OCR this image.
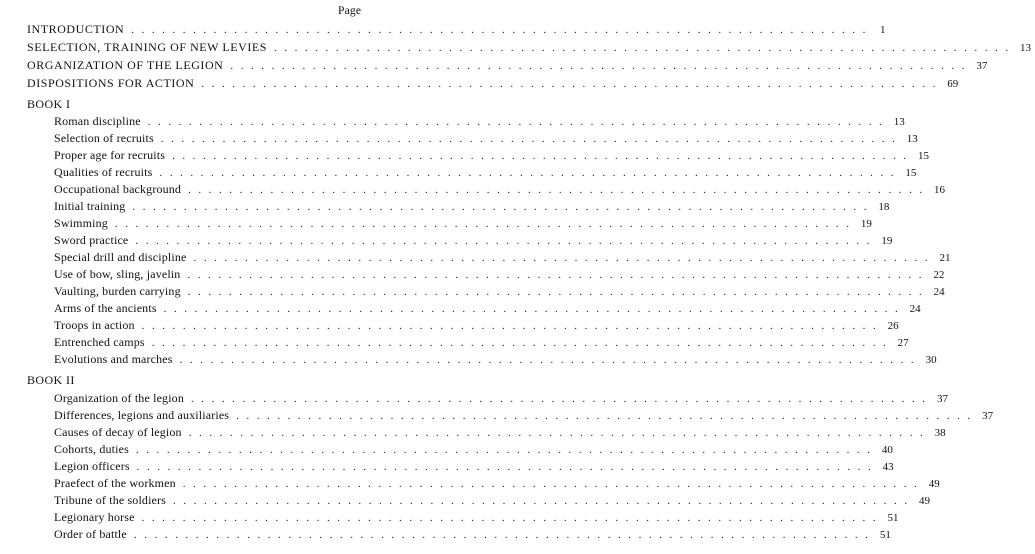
Page
INTRODUCTION . . . . . . . . . . . . . . . . . . . . . . . . . . . . . . . . . . . . . . . . . . . . . . . . . . . . . . . . . . . . . . . . . . . . . . . .	1
SELECTION, TRAINING OF NEW LEVIES . . . . . . . . . . . . . . . . . . . . . . . . . . . . . . . . . . . . . . . . . . . . . . . . . . . . . . . . . . . . . . . . . . . . . . . . 13
ORGANIZATION OF THE LEGION . . . . . . . . . . . . . . . . . . . . . . . . . . . . . . . . . . . . . . . . . . . . . . . . . . . . . . . . . . . . . . . . . . . . . . . . 37
DISPOSITIONS FOR ACTION . . . . . . . . . . . . . . . . . . . . . . . . . . . . . . . . . . . . . . . . . . . . . . . . . . . . . . . . . . . . . . . . . . . . . . . . 69
BOOK I
Roman discipline . . . . . . . . . . . . . . . . . . . . . . . . . . . . . . . . . . . . . . . . . . . . . . . . . . . . . . . . . . . . . . . . . . . . . . . . 13
Selection of recruits . . . . . . . . . . . . . . . . . . . . . . . . . . . . . . . . . . . . . . . . . . . . . . . . . . . . . . . . . . . . . . . . . . . . . . . . 13
Proper age for recruits . . . . . . . . . . . . . . . . . . . . . . . . . . . . . . . . . . . . . . . . . . . . . . . . . . . . . . . . . . . . . . . . . . . . . . . . 15
Qualities of recruits . . . . . . . . . . . . . . . . . . . . . . . . . . . . . . . . . . . . . . . . . . . . . . . . . . . . . . . . . . . . . . . . . . . . . . . . 15
Occupational background . . . . . . . . . . . . . . . . . . . . . . . . . . . . . . . . . . . . . . . . . . . . . . . . . . . . . . . . . . . . . . . . . . . . . . . . 16
Initial training . . . . . . . . . . . . . . . . . . . . . . . . . . . . . . . . . . . . . . . . . . . . . . . . . . . . . . . . . . . . . . . . . . . . . . . . 18
Swimming . . . . . . . . . . . . . . . . . . . . . . . . . . . . . . . . . . . . . . . . . . . . . . . . . . . . . . . . . . . . . . . . . . . . . . . . 19
Sword practice . . . . . . . . . . . . . . . . . . . . . . . . . . . . . . . . . . . . . . . . . . . . . . . . . . . . . . . . . . . . . . . . . . . . . . . . 19
Special drill and discipline . . . . . . . . . . . . . . . . . . . . . . . . . . . . . . . . . . . . . . . . . . . . . . . . . . . . . . . . . . . . . . . . . . . . . . . . 21
Use of bow, sling, javelin . . . . . . . . . . . . . . . . . . . . . . . . . . . . . . . . . . . . . . . . . . . . . . . . . . . . . . . . . . . . . . . . . . . . . . . . 22
Vaulting, burden carrying . . . . . . . . . . . . . . . . . . . . . . . . . . . . . . . . . . . . . . . . . . . . . . . . . . . . . . . . . . . . . . . . . . . . . . . . 24
Arms of the ancients . . . . . . . . . . . . . . . . . . . . . . . . . . . . . . . . . . . . . . . . . . . . . . . . . . . . . . . . . . . . . . . . . . . . . . . . 24
Troops in action . . . . . . . . . . . . . . . . . . . . . . . . . . . . . . . . . . . . . . . . . . . . . . . . . . . . . . . . . . . . . . . . . . . . . . . . 26
Entrenched camps . . . . . . . . . . . . . . . . . . . . . . . . . . . . . . . . . . . . . . . . . . . . . . . . . . . . . . . . . . . . . . . . . . . . . . . . 27
Evolutions and marches . . . . . . . . . . . . . . . . . . . . . . . . . . . . . . . . . . . . . . . . . . . . . . . . . . . . . . . . . . . . . . . . . . . . . . . . 30
BOOK II
Organization of the legion . . . . . . . . . . . . . . . . . . . . . . . . . . . . . . . . . . . . . . . . . . . . . . . . . . . . . . . . . . . . . . . . . . . . . . . . 37
Differences, legions and auxiliaries . . . . . . . . . . . . . . . . . . . . . . . . . . . . . . . . . . . . . . . . . . . . . . . . . . . . . . . . . . . . . . . . . . . . . . . . 37
Causes of decay of legion . . . . . . . . . . . . . . . . . . . . . . . . . . . . . . . . . . . . . . . . . . . . . . . . . . . . . . . . . . . . . . . . . . . . . . . . 38
Cohorts, duties . . . . . . . . . . . . . . . . . . . . . . . . . . . . . . . . . . . . . . . . . . . . . . . . . . . . . . . . . . . . . . . . . . . . . . . . 40
Legion officers . . . . . . . . . . . . . . . . . . . . . . . . . . . . . . . . . . . . . . . . . . . . . . . . . . . . . . . . . . . . . . . . . . . . . . . . 43
Praefect of the workmen . . . . . . . . . . . . . . . . . . . . . . . . . . . . . . . . . . . . . . . . . . . . . . . . . . . . . . . . . . . . . . . . . . . . . . . . 49
Tribune of the soldiers . . . . . . . . . . . . . . . . . . . . . . . . . . . . . . . . . . . . . . . . . . . . . . . . . . . . . . . . . . . . . . . . . . . . . . . . 49
Legionary horse . . . . . . . . . . . . . . . . . . . . . . . . . . . . . . . . . . . . . . . . . . . . . . . . . . . . . . . . . . . . . . . . . . . . . . . . 51
Order of battle . . . . . . . . . . . . . . . . . . . . . . . . . . . . . . . . . . . . . . . . . . . . . . . . . . . . . . . . . . . . . . . . . . . . . . . . 51
